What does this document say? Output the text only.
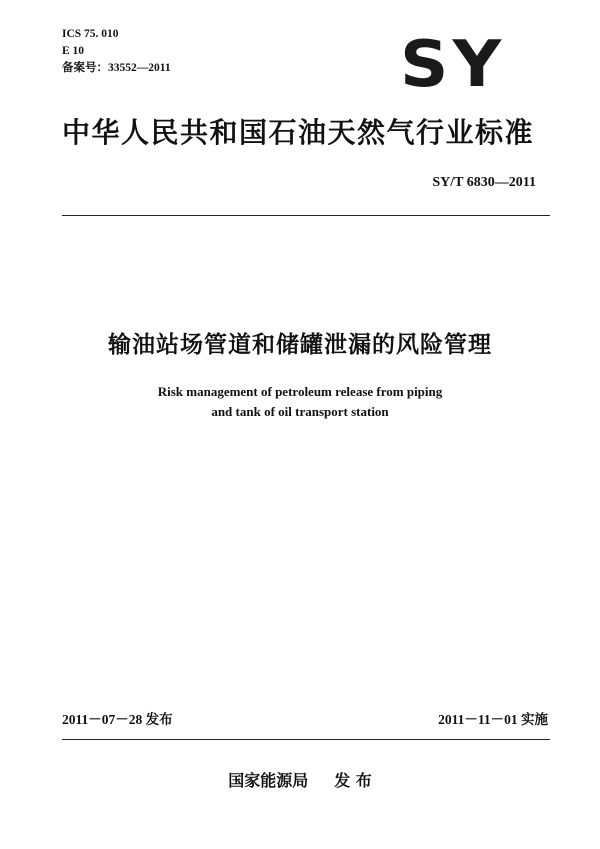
ICS 75. 010
E 10
备案号：33552—2011	SY
中华人民共和国石油天然气行业标准
SY/T 6830—2011
输油站场管道和储罐泄漏的风险管理
Risk management of petroleum release from piping
and tank of oil transport station
2011－07－28 发布	2011－11－01 实施
国家能源局 发 布
